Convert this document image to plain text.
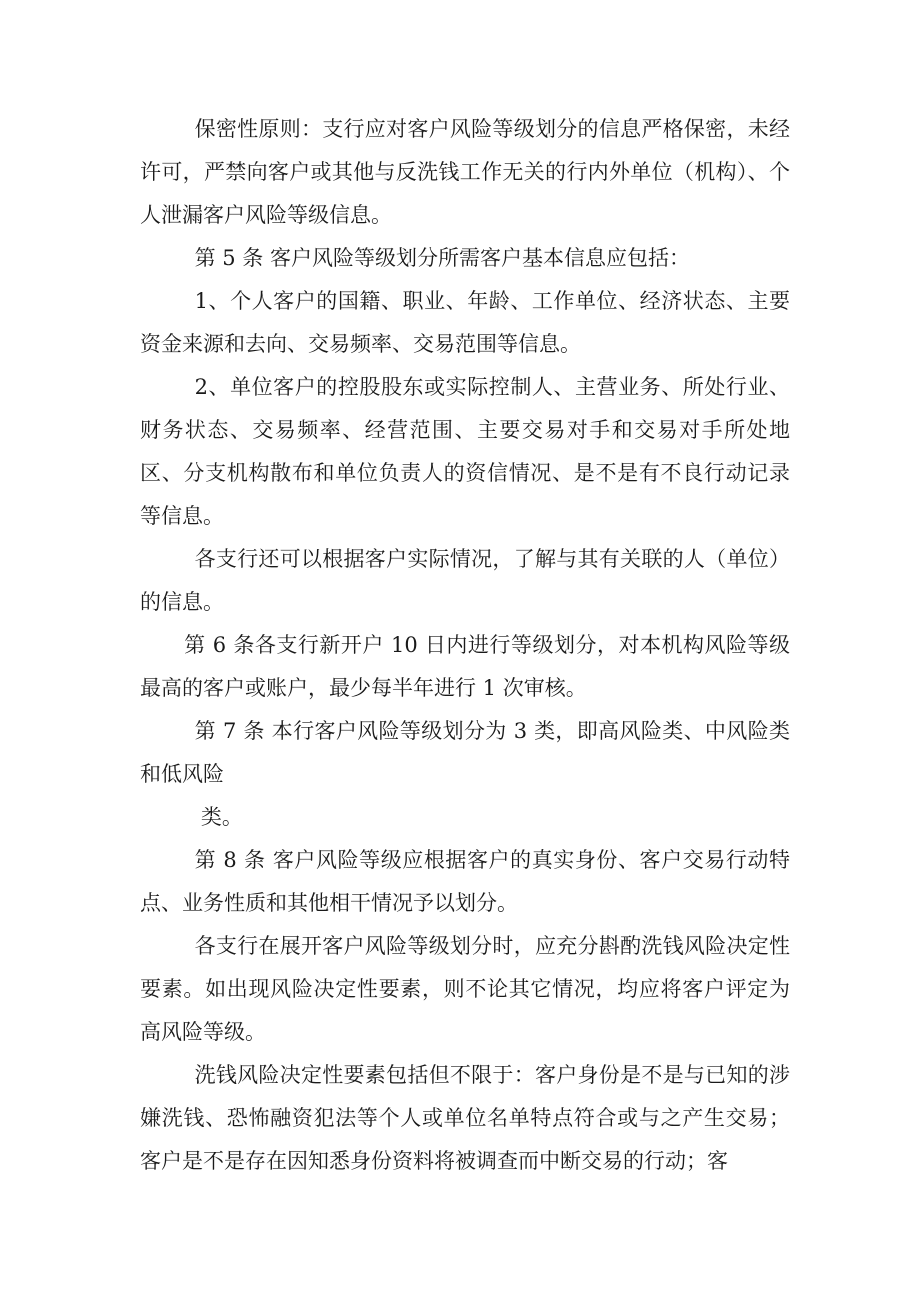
保密性原则：支行应对客户风险等级划分的信息严格保密，未经许可，严禁向客户或其他与反洗钱工作无关的行内外单位（机构）、个人泄漏客户风险等级信息。

第 5 条 客户风险等级划分所需客户基本信息应包括：

1、个人客户的国籍、职业、年龄、工作单位、经济状态、主要资金来源和去向、交易频率、交易范围等信息。

2、单位客户的控股股东或实际控制人、主营业务、所处行业、财务状态、交易频率、经营范围、主要交易对手和交易对手所处地区、分支机构散布和单位负责人的资信情况、是不是有不良行动记录等信息。

各支行还可以根据客户实际情况，了解与其有关联的人（单位）的信息。

第 6 条各支行新开户 10 日内进行等级划分，对本机构风险等级最高的客户或账户，最少每半年进行 1 次审核。

第 7 条 本行客户风险等级划分为 3 类，即高风险类、中风险类和低风险

类。

第 8 条 客户风险等级应根据客户的真实身份、客户交易行动特点、业务性质和其他相干情况予以划分。

各支行在展开客户风险等级划分时，应充分斟酌洗钱风险决定性要素。如出现风险决定性要素，则不论其它情况，均应将客户评定为高风险等级。

洗钱风险决定性要素包括但不限于：客户身份是不是与已知的涉嫌洗钱、恐怖融资犯法等个人或单位名单特点符合或与之产生交易；客户是不是存在因知悉身份资料将被调查而中断交易的行动；客
